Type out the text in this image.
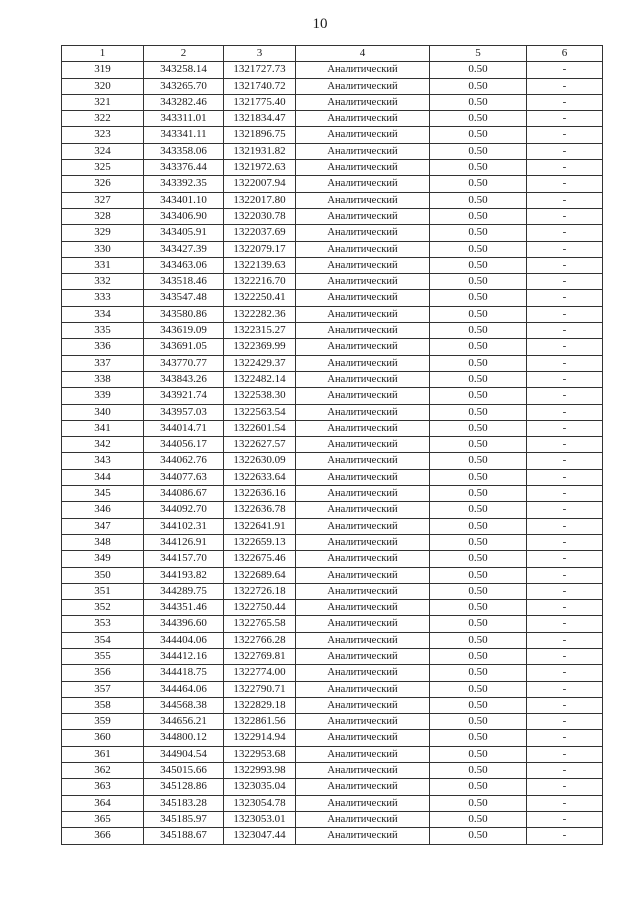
10
1	2	3	4	5	6
319	343258.14	1321727.73	Аналитический	0.50	-
320	343265.70	1321740.72	Аналитический	0.50	-
321	343282.46	1321775.40	Аналитический	0.50	-
322	343311.01	1321834.47	Аналитический	0.50	-
323	343341.11	1321896.75	Аналитический	0.50	-
324	343358.06	1321931.82	Аналитический	0.50	-
325	343376.44	1321972.63	Аналитический	0.50	-
326	343392.35	1322007.94	Аналитический	0.50	-
327	343401.10	1322017.80	Аналитический	0.50	-
328	343406.90	1322030.78	Аналитический	0.50	-
329	343405.91	1322037.69	Аналитический	0.50	-
330	343427.39	1322079.17	Аналитический	0.50	-
331	343463.06	1322139.63	Аналитический	0.50	-
332	343518.46	1322216.70	Аналитический	0.50	-
333	343547.48	1322250.41	Аналитический	0.50	-
334	343580.86	1322282.36	Аналитический	0.50	-
335	343619.09	1322315.27	Аналитический	0.50	-
336	343691.05	1322369.99	Аналитический	0.50	-
337	343770.77	1322429.37	Аналитический	0.50	-
338	343843.26	1322482.14	Аналитический	0.50	-
339	343921.74	1322538.30	Аналитический	0.50	-
340	343957.03	1322563.54	Аналитический	0.50	-
341	344014.71	1322601.54	Аналитический	0.50	-
342	344056.17	1322627.57	Аналитический	0.50	-
343	344062.76	1322630.09	Аналитический	0.50	-
344	344077.63	1322633.64	Аналитический	0.50	-
345	344086.67	1322636.16	Аналитический	0.50	-
346	344092.70	1322636.78	Аналитический	0.50	-
347	344102.31	1322641.91	Аналитический	0.50	-
348	344126.91	1322659.13	Аналитический	0.50	-
349	344157.70	1322675.46	Аналитический	0.50	-
350	344193.82	1322689.64	Аналитический	0.50	-
351	344289.75	1322726.18	Аналитический	0.50	-
352	344351.46	1322750.44	Аналитический	0.50	-
353	344396.60	1322765.58	Аналитический	0.50	-
354	344404.06	1322766.28	Аналитический	0.50	-
355	344412.16	1322769.81	Аналитический	0.50	-
356	344418.75	1322774.00	Аналитический	0.50	-
357	344464.06	1322790.71	Аналитический	0.50	-
358	344568.38	1322829.18	Аналитический	0.50	-
359	344656.21	1322861.56	Аналитический	0.50	-
360	344800.12	1322914.94	Аналитический	0.50	-
361	344904.54	1322953.68	Аналитический	0.50	-
362	345015.66	1322993.98	Аналитический	0.50	-
363	345128.86	1323035.04	Аналитический	0.50	-
364	345183.28	1323054.78	Аналитический	0.50	-
365	345185.97	1323053.01	Аналитический	0.50	-
366	345188.67	1323047.44	Аналитический	0.50	-
